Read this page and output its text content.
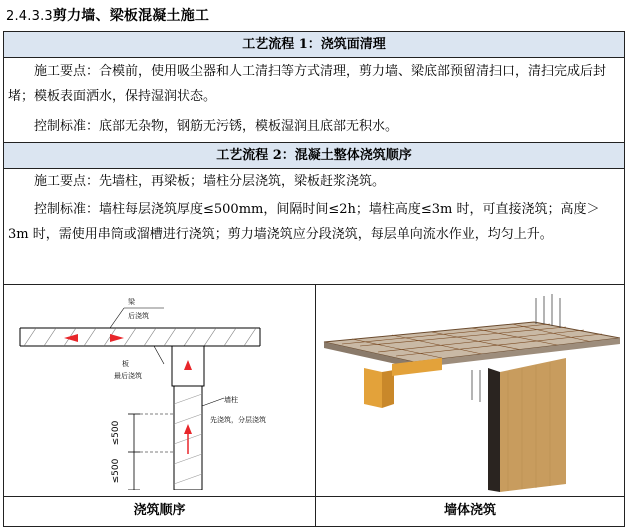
2.4.3.3剪力墙、梁板混凝土施工
工艺流程 1：浇筑面清理
施工要点：合模前，使用吸尘器和人工清扫等方式清理，剪力墙、梁底部预留清扫口，清扫完成后封堵；模板表面洒水，保持湿润状态。
控制标准：底部无杂物，钢筋无污锈，模板湿润且底部无积水。
工艺流程 2：混凝土整体浇筑顺序
施工要点：先墙柱，再梁板；墙柱分层浇筑，梁板赶浆浇筑。
控制标准：墙柱每层浇筑厚度≤500mm，间隔时间≤2h；墙柱高度≤3m 时，可直接浇筑；高度＞3m 时，需使用串筒或溜槽进行浇筑；剪力墙浇筑应分段浇筑，每层单向流水作业，均匀上升。
≤500
≤500
梁
后浇筑
板
最后浇筑
墙柱
先浇筑，分层浇筑
浇筑顺序	墙体浇筑
